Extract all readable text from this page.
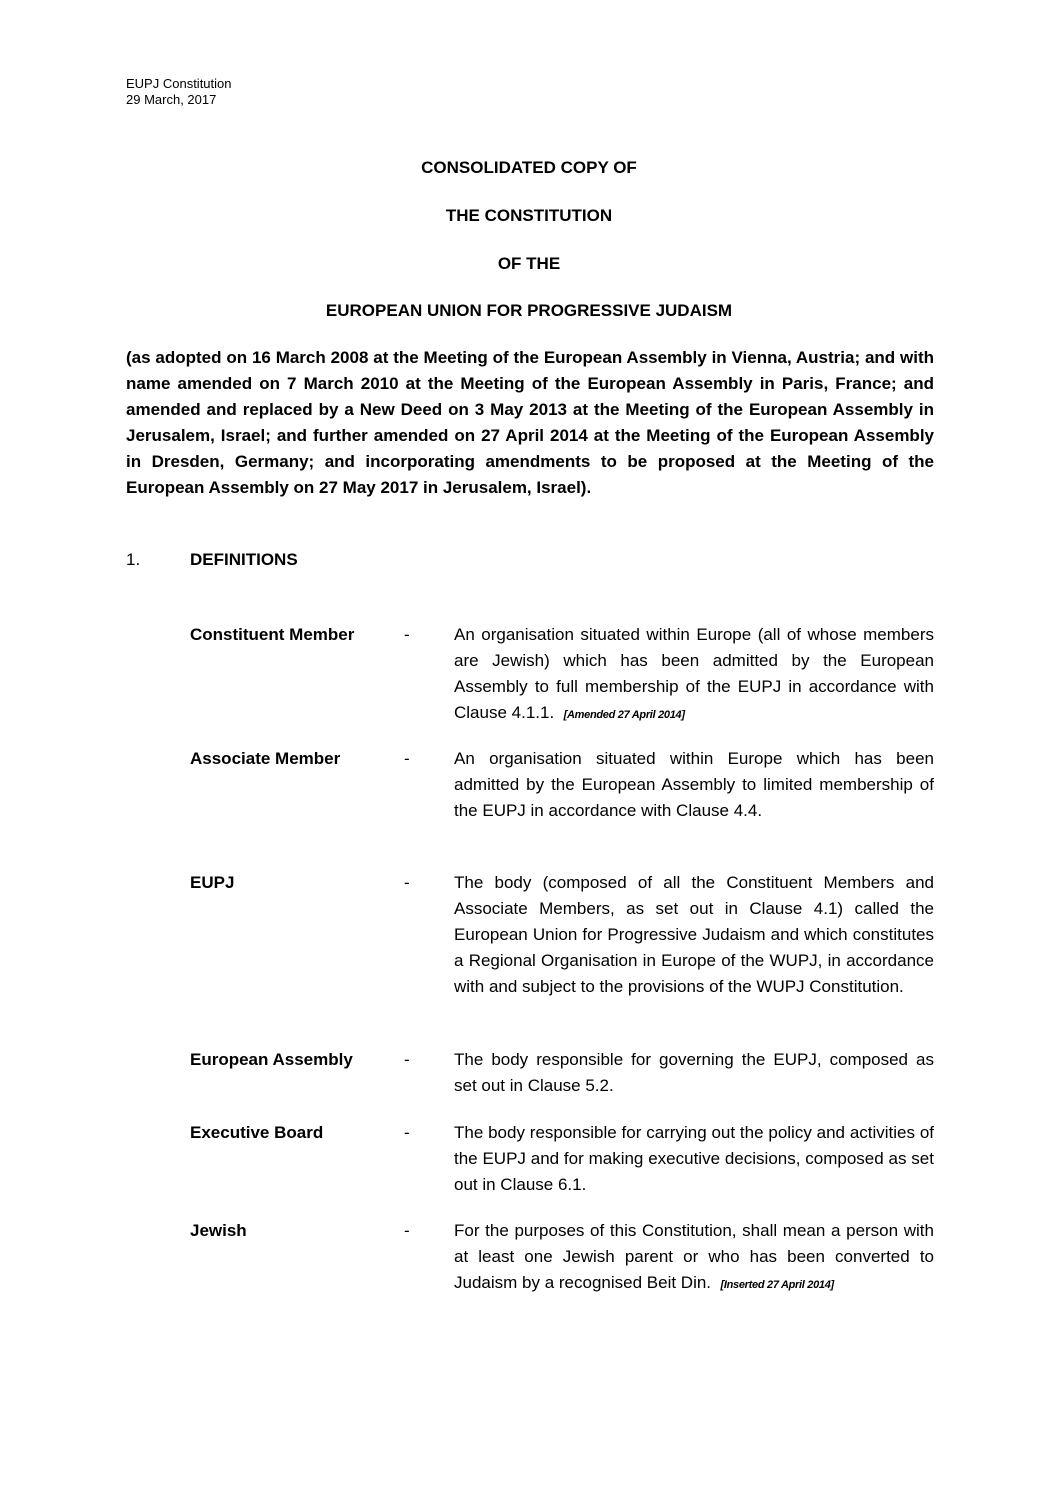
EUPJ Constitution
29 March, 2017
CONSOLIDATED COPY OF
THE CONSTITUTION
OF THE
EUROPEAN UNION FOR PROGRESSIVE JUDAISM
(as adopted on 16 March 2008 at the Meeting of the European Assembly in Vienna, Austria; and with name amended on 7 March 2010 at the Meeting of the European Assembly in Paris, France; and amended and replaced by a New Deed on 3 May 2013 at the Meeting of the European Assembly in Jerusalem, Israel; and further amended on 27 April 2014 at the Meeting of the European Assembly in Dresden, Germany; and incorporating amendments to be proposed at the Meeting of the European Assembly on 27 May 2017 in Jerusalem, Israel).
1.	DEFINITIONS
Constituent Member	-	An organisation situated within Europe (all of whose members are Jewish) which has been admitted by the European Assembly to full membership of the EUPJ in accordance with Clause 4.1.1. [Amended 27 April 2014]
Associate Member	-	An organisation situated within Europe which has been admitted by the European Assembly to limited membership of the EUPJ in accordance with Clause 4.4.
EUPJ	-	The body (composed of all the Constituent Members and Associate Members, as set out in Clause 4.1) called the European Union for Progressive Judaism and which constitutes a Regional Organisation in Europe of the WUPJ, in accordance with and subject to the provisions of the WUPJ Constitution.
European Assembly	-	The body responsible for governing the EUPJ, composed as set out in Clause 5.2.
Executive Board	-	The body responsible for carrying out the policy and activities of the EUPJ and for making executive decisions, composed as set out in Clause 6.1.
Jewish	-	For the purposes of this Constitution, shall mean a person with at least one Jewish parent or who has been converted to Judaism by a recognised Beit Din. [Inserted 27 April 2014]
